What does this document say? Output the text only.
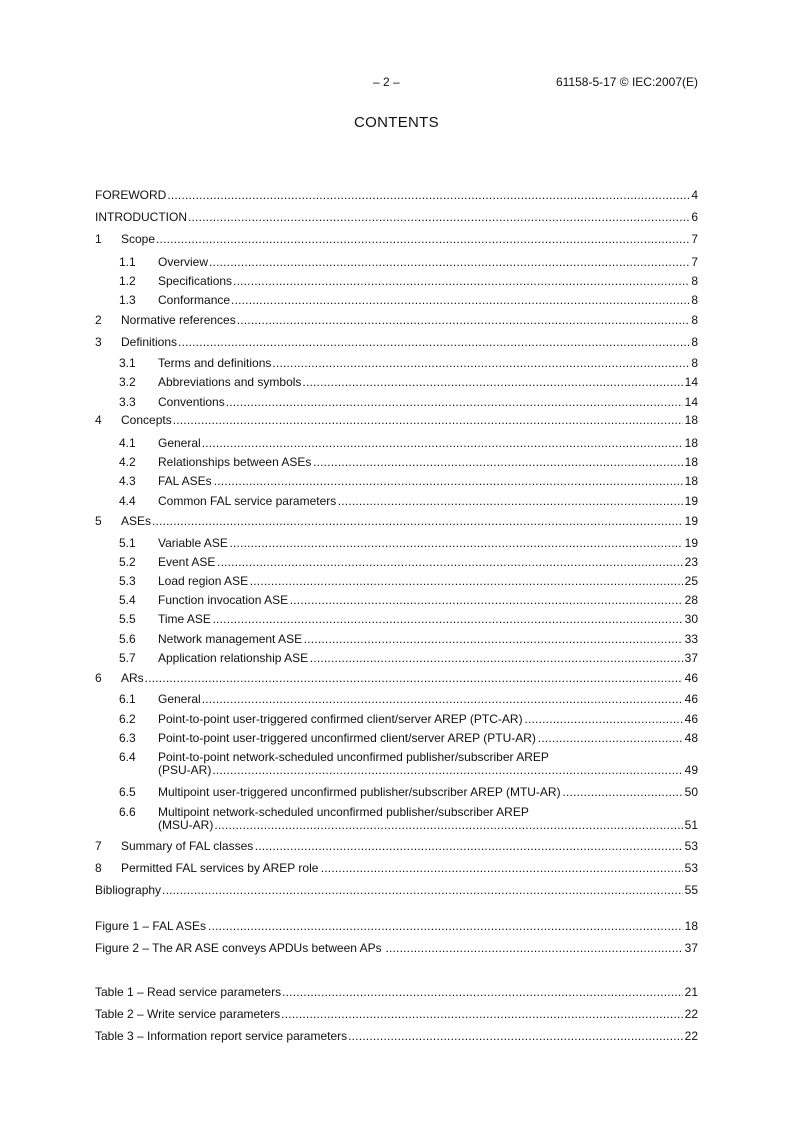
– 2 –	61158-5-17 © IEC:2007(E)
CONTENTS
FOREWORD .....	4
INTRODUCTION .....	6
1 Scope .....	7
1.1 Overview .....	7
1.2 Specifications .....	8
1.3 Conformance .....	8
2 Normative references .....	8
3 Definitions .....	8
3.1 Terms and definitions .....	8
3.2 Abbreviations and symbols .....	14
3.3 Conventions .....	14
4 Concepts .....	18
4.1 General .....	18
4.2 Relationships between ASEs .....	18
4.3 FAL ASEs .....	18
4.4 Common FAL service parameters .....	19
5 ASEs .....	19
5.1 Variable ASE .....	19
5.2 Event ASE .....	23
5.3 Load region ASE .....	25
5.4 Function invocation ASE .....	28
5.5 Time ASE .....	30
5.6 Network management ASE .....	33
5.7 Application relationship ASE .....	37
6 ARs .....	46
6.1 General .....	46
6.2 Point-to-point user-triggered confirmed client/server AREP (PTC-AR) .....	46
6.3 Point-to-point user-triggered unconfirmed client/server AREP (PTU-AR) .....	48
6.4 Point-to-point network-scheduled unconfirmed publisher/subscriber AREP
(PSU-AR) .....	49
6.5 Multipoint user-triggered unconfirmed publisher/subscriber AREP (MTU-AR) .....	50
6.6 Multipoint network-scheduled unconfirmed publisher/subscriber AREP
(MSU-AR) .....	51
7 Summary of FAL classes .....	53
8 Permitted FAL services by AREP role .....	53
Bibliography .....	55
Figure 1 – FAL ASEs .....	18
Figure 2 – The AR ASE conveys APDUs between APs .....	37
Table 1 – Read service parameters .....	21
Table 2 – Write service parameters .....	22
Table 3 – Information report service parameters .....	22
